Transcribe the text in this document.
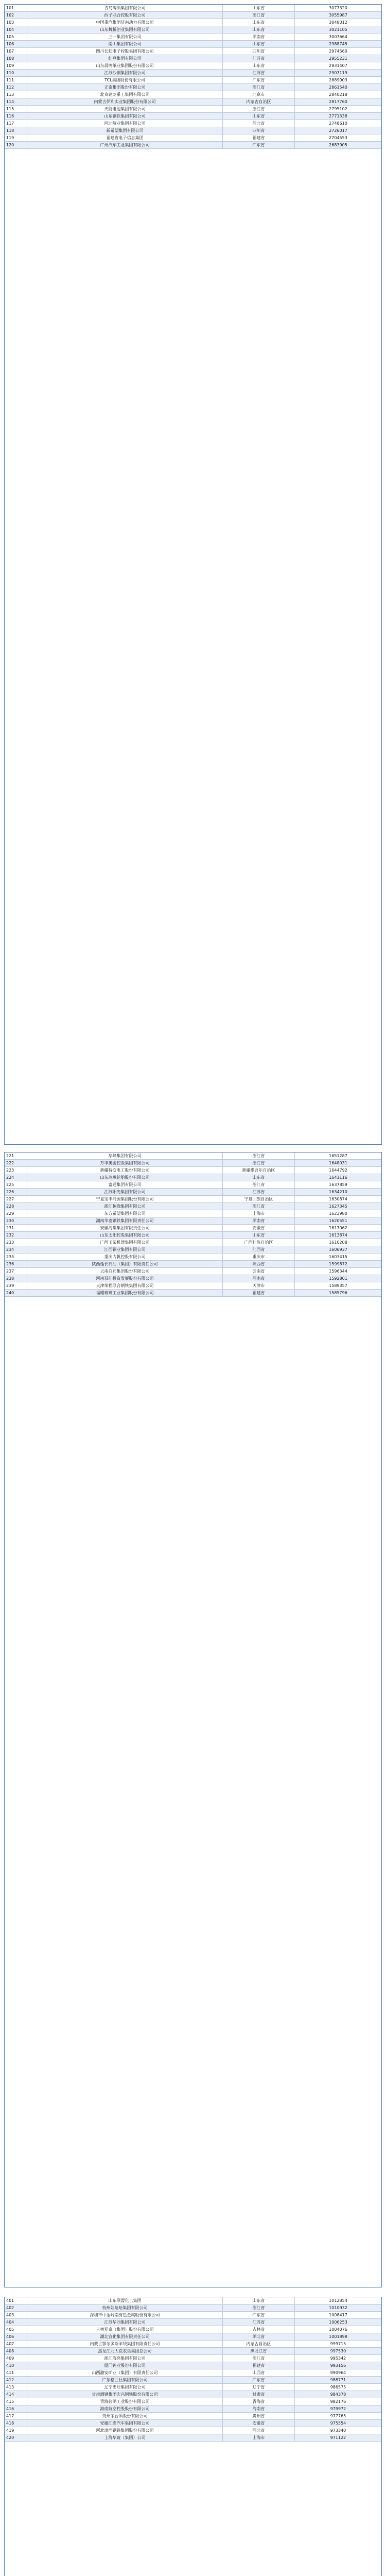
101	青岛啤酒集团有限公司	山东省	3077320
102	西子联合控股有限公司	浙江省	3055987
103	中国重汽集团济南动力有限公司	山东省	3048012
104	山东魏桥创业集团有限公司	山东省	3021105
105	三一集团有限公司	湖南省	3007664
106	南山集团有限公司	山东省	2988745
107	四川长虹电子控股集团有限公司	四川省	2974560
108	红豆集团有限公司	江苏省	2955231
109	山东晨鸣纸业集团股份有限公司	山东省	2931407
110	江苏沙钢集团有限公司	江苏省	2907119
111	TCL集团股份有限公司	广东省	2889003
112	正泰集团股份有限公司	浙江省	2861540
113	北京建龙重工集团有限公司	北京市	2840218
114	内蒙古伊利实业集团股份有限公司	内蒙古自治区	2817760
115	天能电池集团有限公司	浙江省	2795102
116	山东钢铁集团有限公司	山东省	2771338
117	河北敬业集团有限公司	河北省	2748610
118	新希望集团有限公司	四川省	2726017
119	福建省电子信息集团	福建省	2704553
120	广州汽车工业集团有限公司	广东省	2683905
221	华峰集团有限公司	浙江省	1651287
222	万丰奥驰控股集团有限公司	浙江省	1648031
223	新疆特变电工股份有限公司	新疆维吾尔自治区	1644792
224	山东玲珑轮胎股份有限公司	山东省	1641116
225	富通集团有限公司	浙江省	1637859
226	江苏阳光集团有限公司	江苏省	1634210
227	宁夏宝丰能源集团股份有限公司	宁夏回族自治区	1630874
228	浙江恒逸集团有限公司	浙江省	1627345
229	东方希望集团有限公司	上海市	1623980
230	湖南华菱钢铁集团有限责任公司	湖南省	1620551
231	安徽海螺集团有限责任公司	安徽省	1617062
232	山东太阳控股集团有限公司	山东省	1613874
233	广西玉柴机器集团有限公司	广西壮族自治区	1610208
234	江西铜业集团有限公司	江西省	1606937
235	重庆力帆控股有限公司	重庆市	1603415
236	陕西延长石油（集团）有限责任公司	陕西省	1599872
237	云南白药集团股份有限公司	云南省	1596344
238	河南双汇投资发展股份有限公司	河南省	1592801
239	天津荣程联合钢铁集团有限公司	天津市	1589357
240	福耀玻璃工业集团股份有限公司	福建省	1585796
401	山东联盟化工集团	山东省	1012854
402	杭州娃哈哈集团有限公司	浙江省	1010932
403	深圳市中金岭南有色金属股份有限公司	广东省	1008417
404	江苏华西集团有限公司	江苏省	1006253
405	吉林亚泰（集团）股份有限公司	吉林省	1004076
406	湖北宜化集团有限责任公司	湖北省	1001898
407	内蒙古鄂尔多斯羊绒集团有限责任公司	内蒙古自治区	999715
408	黑龙江北大荒农垦集团总公司	黑龙江省	997530
409	浙江海亮集团有限公司	浙江省	995342
410	厦门钨业股份有限公司	福建省	993156
411	山西潞安矿业（集团）有限责任公司	山西省	990964
412	广东格兰仕集团有限公司	广东省	988771
413	辽宁忠旺集团有限公司	辽宁省	986575
414	甘肃酒钢集团宏兴钢铁股份有限公司	甘肃省	984378
415	青海盐湖工业股份有限公司	青海省	982176
416	海南航空控股股份有限公司	海南省	979972
417	贵州茅台酒股份有限公司	贵州省	977765
418	安徽江淮汽车集团有限公司	安徽省	975554
419	河北津西钢铁集团股份有限公司	河北省	973340
420	上海华谊（集团）公司	上海市	971122
